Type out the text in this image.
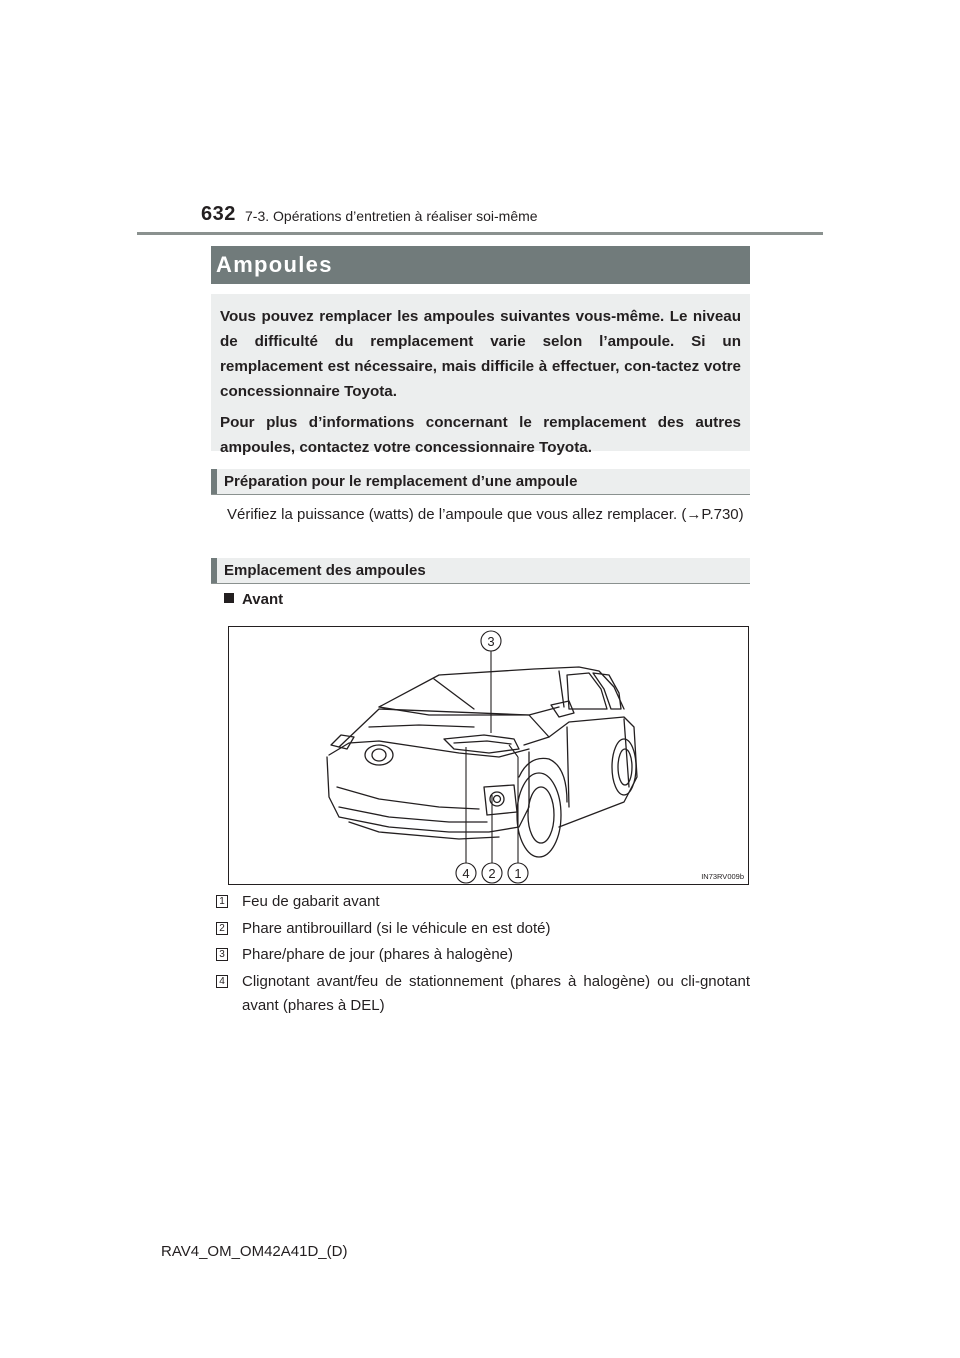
632 7-3. Opérations d’entretien à réaliser soi-même
Ampoules

Vous pouvez remplacer les ampoules suivantes vous-même. Le niveau de difficulté du remplacement varie selon l’ampoule. Si un remplacement est nécessaire, mais difficile à effectuer, con-tactez votre concessionnaire Toyota.

Pour plus d’informations concernant le remplacement des autres ampoules, contactez votre concessionnaire Toyota.

Préparation pour le remplacement d’une ampoule
Vérifiez la puissance (watts) de l’ampoule que vous allez remplacer. (→P.730)
Emplacement des ampoules
Avant
3
4 2 1	IN73RV009b
1 Feu de gabarit avant
2 Phare antibrouillard (si le véhicule en est doté)
3 Phare/phare de jour (phares à halogène)
4 Clignotant avant/feu de stationnement (phares à halogène) ou cli-gnotant avant (phares à DEL)
RAV4_OM_OM42A41D_(D)
